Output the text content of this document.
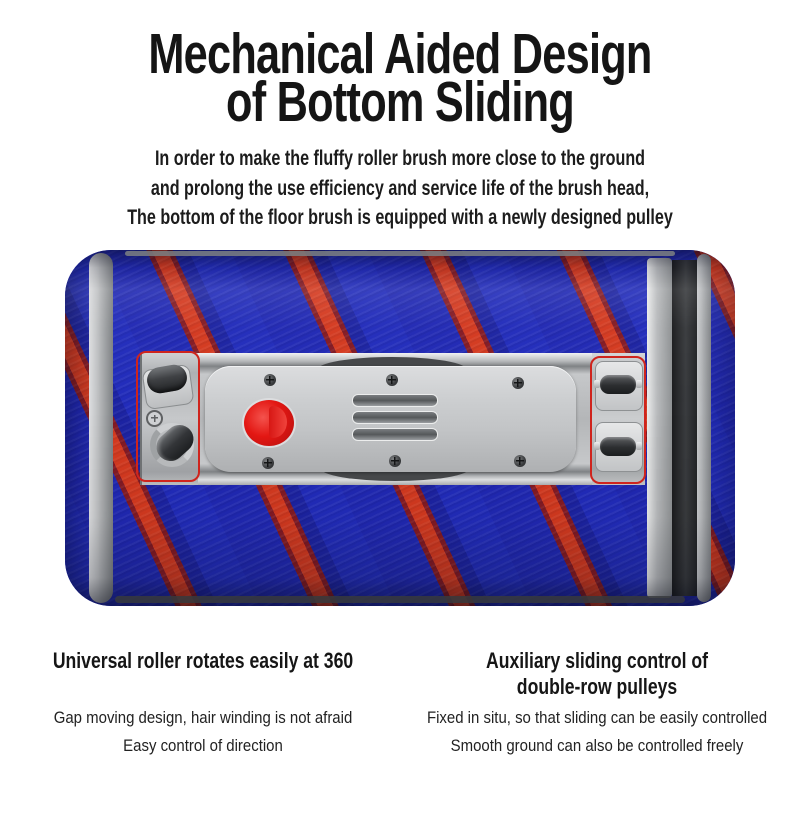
Mechanical Aided Design
of Bottom Sliding
In order to make the fluffy roller brush more close to the ground
and prolong the use efficiency and service life of the brush head,
The bottom of the floor brush is equipped with a newly designed pulley
Universal roller rotates easily at 360
Gap moving design, hair winding is not afraid
Easy control of direction
Auxiliary sliding control of
double-row pulleys
Fixed in situ, so that sliding can be easily controlled
Smooth ground can also be controlled freely
